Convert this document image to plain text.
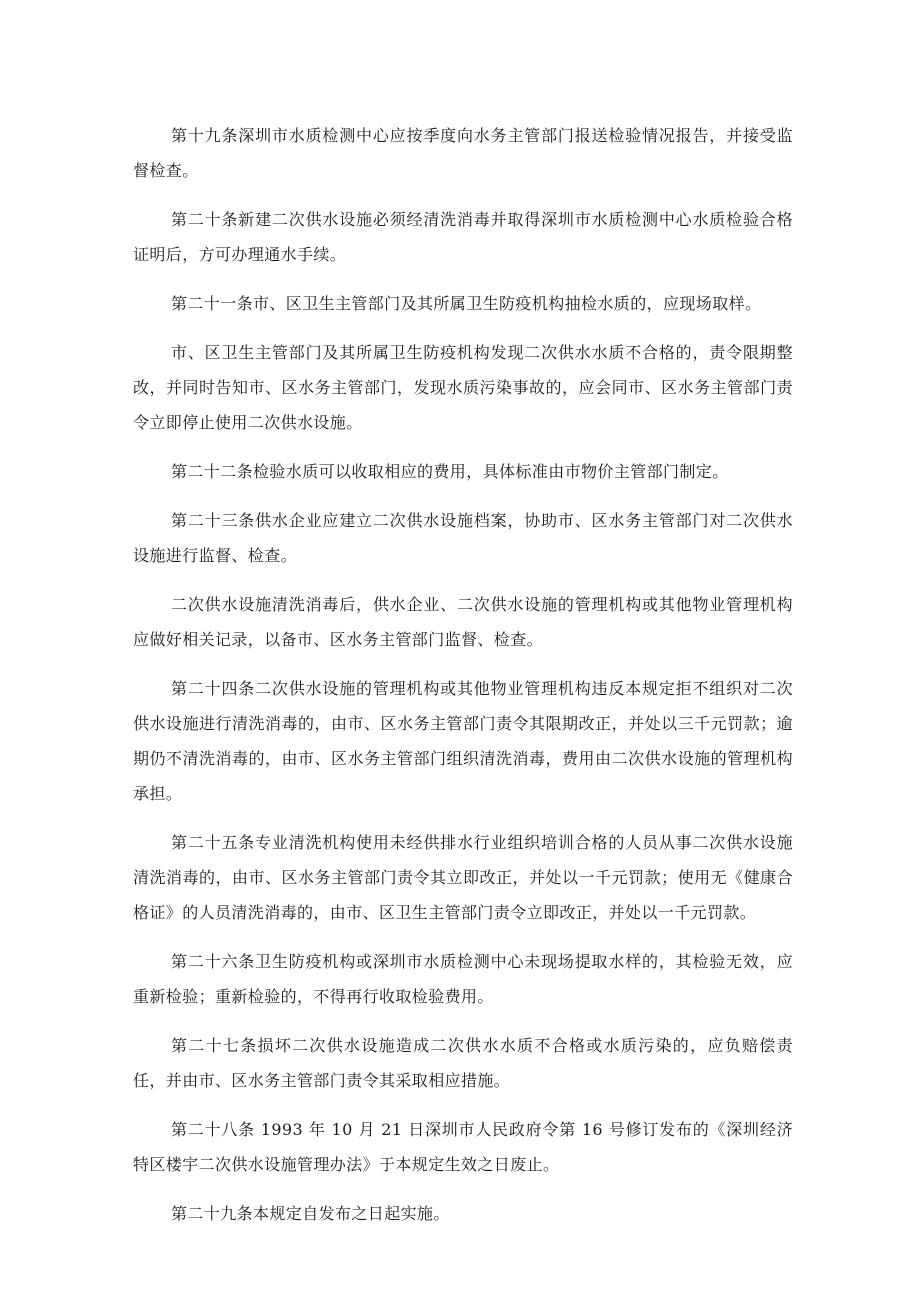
第十九条深圳市水质检测中心应按季度向水务主管部门报送检验情况报告，并接受监督检查。

第二十条新建二次供水设施必须经清洗消毒并取得深圳市水质检测中心水质检验合格证明后，方可办理通水手续。

第二十一条市、区卫生主管部门及其所属卫生防疫机构抽检水质的，应现场取样。

市、区卫生主管部门及其所属卫生防疫机构发现二次供水水质不合格的，责令限期整改，并同时告知市、区水务主管部门，发现水质污染事故的，应会同市、区水务主管部门责令立即停止使用二次供水设施。

第二十二条检验水质可以收取相应的费用，具体标准由市物价主管部门制定。

第二十三条供水企业应建立二次供水设施档案，协助市、区水务主管部门对二次供水设施进行监督、检查。

二次供水设施清洗消毒后，供水企业、二次供水设施的管理机构或其他物业管理机构应做好相关记录，以备市、区水务主管部门监督、检查。

第二十四条二次供水设施的管理机构或其他物业管理机构违反本规定拒不组织对二次供水设施进行清洗消毒的，由市、区水务主管部门责令其限期改正，并处以三千元罚款；逾期仍不清洗消毒的，由市、区水务主管部门组织清洗消毒，费用由二次供水设施的管理机构承担。

第二十五条专业清洗机构使用未经供排水行业组织培训合格的人员从事二次供水设施清洗消毒的，由市、区水务主管部门责令其立即改正，并处以一千元罚款；使用无《健康合格证》的人员清洗消毒的，由市、区卫生主管部门责令立即改正，并处以一千元罚款。

第二十六条卫生防疫机构或深圳市水质检测中心未现场提取水样的，其检验无效，应重新检验；重新检验的，不得再行收取检验费用。

第二十七条损坏二次供水设施造成二次供水水质不合格或水质污染的，应负赔偿责任，并由市、区水务主管部门责令其采取相应措施。

第二十八条 1993 年 10 月 21 日深圳市人民政府令第 16 号修订发布的《深圳经济特区楼宇二次供水设施管理办法》于本规定生效之日废止。

第二十九条本规定自发布之日起实施。
